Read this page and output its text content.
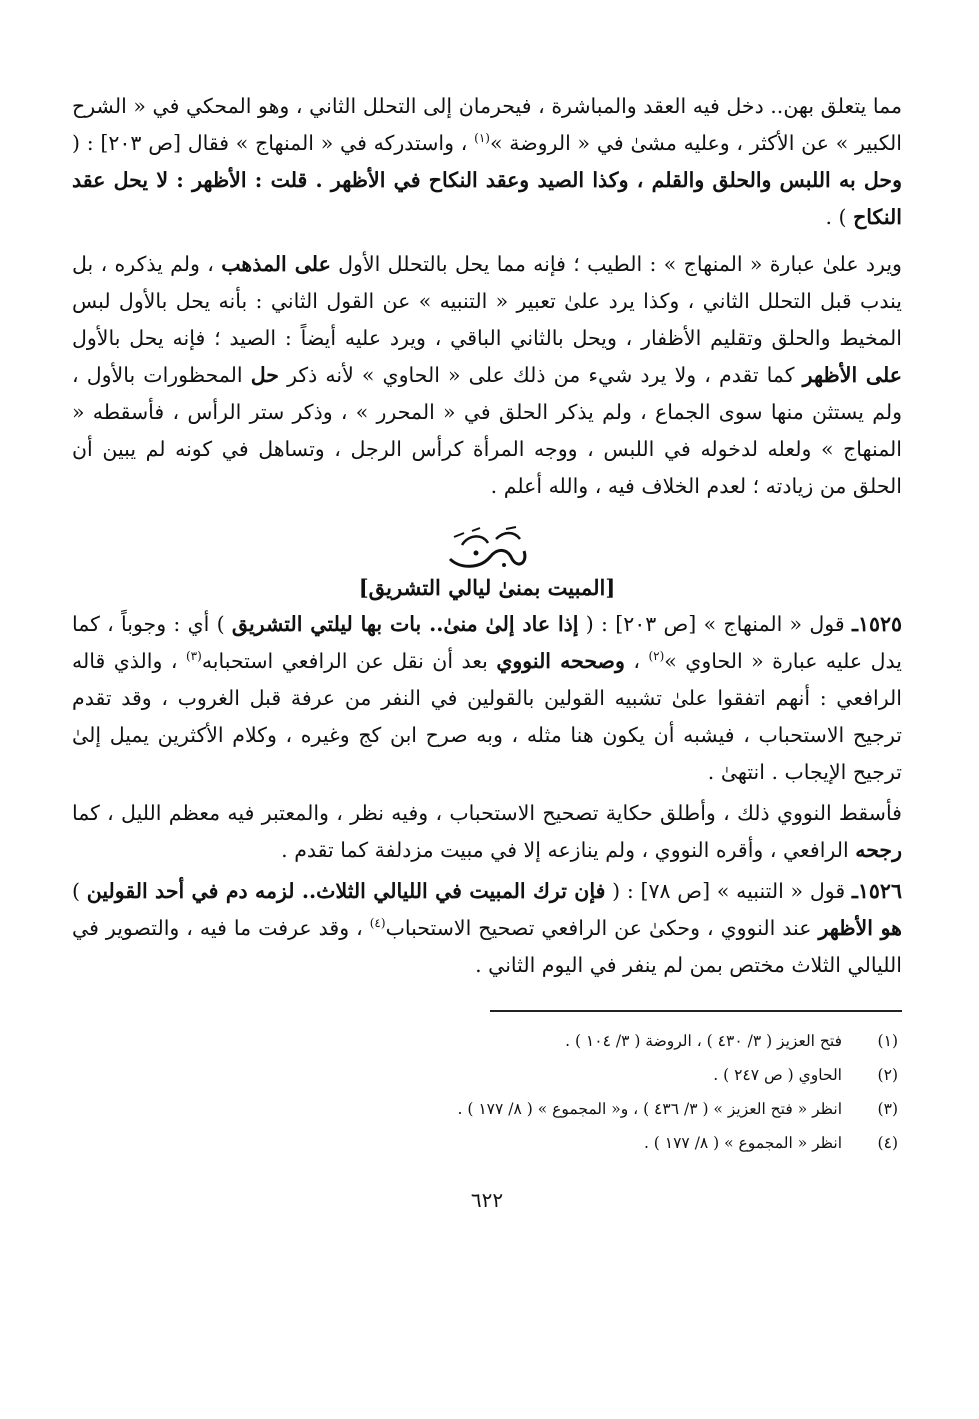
مما يتعلق بهن.. دخل فيه العقد والمباشرة ، فيحرمان إلى التحلل الثاني ، وهو المحكي في « الشرح الكبير » عن الأكثر ، وعليه مشىٰ في « الروضة »$^{(١)}$ ، واستدركه في « المنهاج » فقال [ص ٢٠٣] : ( وحل به اللبس والحلق والقلم ، وكذا الصيد وعقد النكاح في الأظهر . قلت : الأظهر : لا يحل عقد النكاح ) .

ويرد علىٰ عبارة « المنهاج » : الطيب ؛ فإنه مما يحل بالتحلل الأول على المذهب ، ولم يذكره ، بل يندب قبل التحلل الثاني ، وكذا يرد علىٰ تعبير « التنبيه » عن القول الثاني : بأنه يحل بالأول لبس المخيط والحلق وتقليم الأظفار ، ويحل بالثاني الباقي ، ويرد عليه أيضاً : الصيد ؛ فإنه يحل بالأول على الأظهر كما تقدم ، ولا يرد شيء من ذلك على « الحاوي » لأنه ذكر حل المحظورات بالأول ، ولم يستثن منها سوى الجماع ، ولم يذكر الحلق في « المحرر » ، وذكر ستر الرأس ، فأسقطه « المنهاج » ولعله لدخوله في اللبس ، ووجه المرأة كرأس الرجل ، وتساهل في كونه لم يبين أن الحلق من زيادته ؛ لعدم الخلاف فيه ، والله أعلم .

[المبيت بمنىٰ ليالي التشريق]

١٥٢٥ـ قول « المنهاج » [ص ٢٠٣] : ( إذا عاد إلىٰ منىٰ.. بات بها ليلتي التشريق ) أي : وجوباً ، كما يدل عليه عبارة « الحاوي »$^{(٢)}$ ، وصححه النووي بعد أن نقل عن الرافعي استحبابه$^{(٣)}$ ، والذي قاله الرافعي : أنهم اتفقوا علىٰ تشبيه القولين بالقولين في النفر من عرفة قبل الغروب ، وقد تقدم ترجيح الاستحباب ، فيشبه أن يكون هنا مثله ، وبه صرح ابن كج وغيره ، وكلام الأكثرين يميل إلىٰ ترجيح الإيجاب . انتهىٰ .

فأسقط النووي ذلك ، وأطلق حكاية تصحيح الاستحباب ، وفيه نظر ، والمعتبر فيه معظم الليل ، كما رجحه الرافعي ، وأقره النووي ، ولم ينازعه إلا في مبيت مزدلفة كما تقدم .

١٥٢٦ـ قول « التنبيه » [ص ٧٨] : ( فإن ترك المبيت في الليالي الثلاث.. لزمه دم في أحد القولين ) هو الأظهر عند النووي ، وحكىٰ عن الرافعي تصحيح الاستحباب$^{(٤)}$ ، وقد عرفت ما فيه ، والتصوير في الليالي الثلاث مختص بمن لم ينفر في اليوم الثاني .

(١)
فتح العزيز ( ٣/ ٤٣٠ ) ، الروضة ( ٣/ ١٠٤ ) .
(٢)
الحاوي ( ص ٢٤٧ ) .
(٣)
انظر « فتح العزيز » ( ٣/ ٤٣٦ ) ، و« المجموع » ( ٨/ ١٧٧ ) .
(٤)
انظر « المجموع » ( ٨/ ١٧٧ ) .
٦٢٢
